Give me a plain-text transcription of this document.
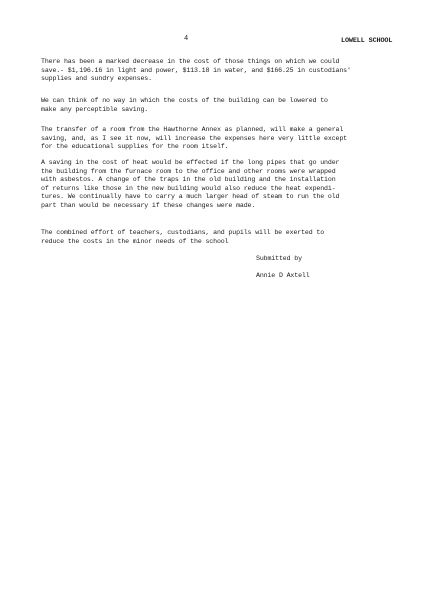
4	LOWELL SCHOOL

There has been a marked decrease in the cost of those things on which we could
save.- $1,196.16 in light and power, $113.18 in water, and $166.25 in custodians'
supplies and sundry expenses.

We can think of no way in which the costs of the building can be lowered to
make any perceptible saving.

The transfer of a room from the Hawthorne Annex as planned, will make a general
saving, and, as I see it now, will increase the expenses here very little except
for the educational supplies for the room itself.

A saving in the cost of heat would be effected if the long pipes that go under
the building from the furnace room to the office and other rooms were wrapped
with asbestos. A change of the traps in the old building and the installation
of returns like those in the new building would also reduce the heat expendi-
tures. We continually have to carry a much larger head of steam to run the old
part than would be necessary if these changes were made.

The combined effort of teachers, custodians, and pupils will be exerted to
reduce the costs in the minor needs of the school

Submitted by
Annie D Axtell
